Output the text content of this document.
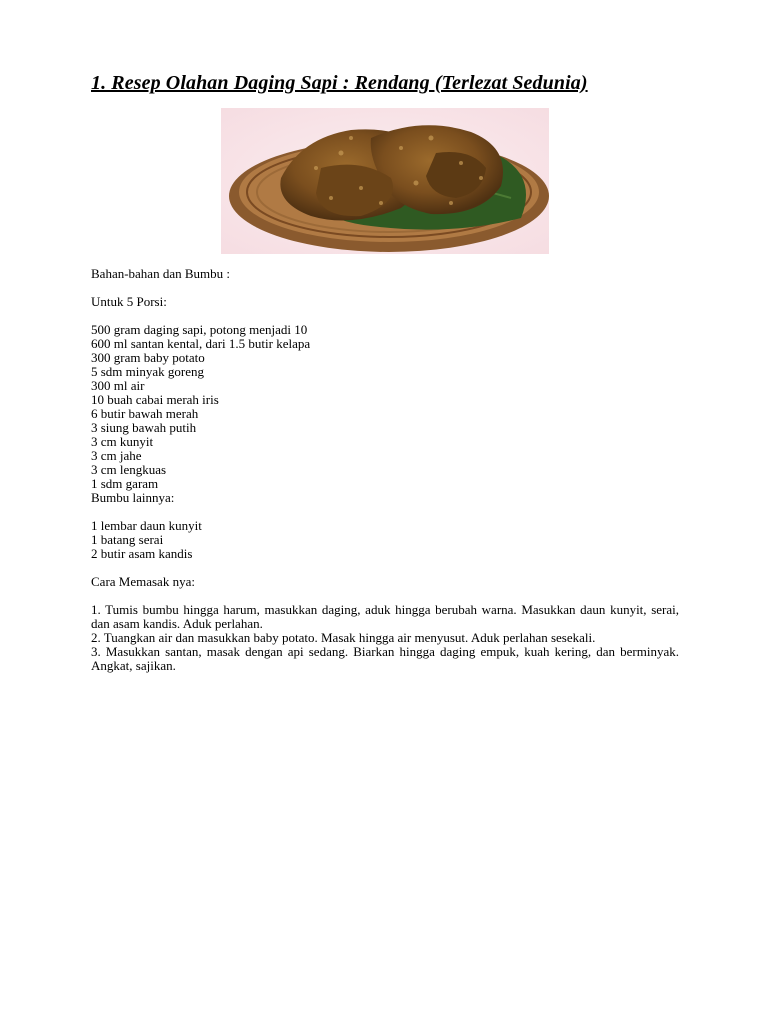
1. Resep Olahan Daging Sapi : Rendang (Terlezat Sedunia)
Bahan-bahan dan Bumbu :
Untuk 5 Porsi:
500 gram daging sapi, potong menjadi 10
600 ml santan kental, dari 1.5 butir kelapa
300 gram baby potato
5 sdm minyak goreng
300 ml air
10 buah cabai merah iris
6 butir bawah merah
3 siung bawah putih
3 cm kunyit
3 cm jahe
3 cm lengkuas
1 sdm garam
Bumbu lainnya:
1 lembar daun kunyit
1 batang serai
2 butir asam kandis
Cara Memasak nya:
1. Tumis bumbu hingga harum, masukkan daging, aduk hingga berubah warna. Masukkan daun kunyit, serai, dan asam kandis. Aduk perlahan.
2. Tuangkan air dan masukkan baby potato. Masak hingga air menyusut. Aduk perlahan sesekali.
3. Masukkan santan, masak dengan api sedang. Biarkan hingga daging empuk, kuah kering, dan berminyak. Angkat, sajikan.
